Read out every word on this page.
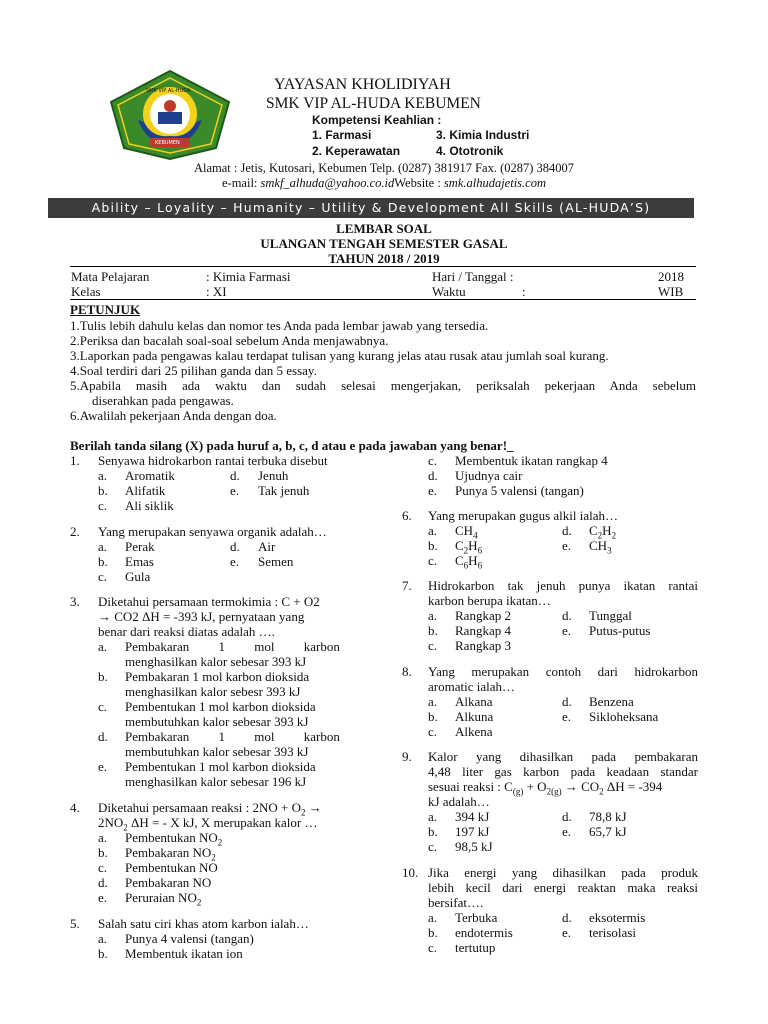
SMK VIP AL-HUDA
KEBUMEN
YAYASAN KHOLIDIYAH
SMK VIP AL-HUDA KEBUMEN
Kompetensi Keahlian :
1. Farmasi	3. Kimia Industri
2. Keperawatan	4. Ototronik
Alamat : Jetis, Kutosari, Kebumen Telp. (0287) 381917 Fax. (0287) 384007
e-mail: smkf_alhuda@yahoo.co.idWebsite : smk.alhudajetis.com
Ability – Loyality – Humanity – Utility & Development All Skills (AL-HUDA’S)
LEMBAR SOAL
ULANGAN TENGAH SEMESTER GASAL
TAHUN 2018 / 2019
Mata Pelajaran	: Kimia Farmasi	Hari / Tanggal :	2018
Kelas	: XI	Waktu	:	WIB
PETUNJUK
1.Tulis lebih dahulu kelas dan nomor tes Anda pada lembar jawab yang tersedia.
2.Periksa dan bacalah soal-soal sebelum Anda menjawabnya.
3.Laporkan pada pengawas kalau terdapat tulisan yang kurang jelas atau rusak atau jumlah soal kurang.
4.Soal terdiri dari 25 pilihan ganda dan 5 essay.
5.Apabila masih ada waktu dan sudah selesai mengerjakan, periksalah pekerjaan Anda sebelum
diserahkan pada pengawas.
6.Awalilah pekerjaan Anda dengan doa.
Berilah tanda silang (X) pada huruf a, b, c, d atau e pada jawaban yang benar!_
1. Senyawa hidrokarbon rantai terbuka disebut
a. Aromatik	d. Jenuh
b. Alifatik	e. Tak jenuh
c. Ali siklik
2. Yang merupakan senyawa organik adalah…
a. Perak	d. Air
b. Emas	e. Semen
c. Gula
3. Diketahui persamaan termokimia : C + O2
→ CO2 ΔH = -393 kJ, pernyataan yang
benar dari reaksi diatas adalah ….
a. Pembakaran         1         mol         karbon
menghasilkan kalor sebesar 393 kJ
b. Pembakaran 1 mol karbon dioksida
menghasilkan kalor sebesr 393 kJ
c. Pembentukan 1 mol karbon dioksida
membutuhkan kalor sebesar 393 kJ
d. Pembakaran         1         mol         karbon
membutuhkan kalor sebesar 393 kJ
e. Pembentukan 1 mol karbon dioksida
menghasilkan kalor sebesar 196 kJ
4. Diketahui persamaan reaksi : $2NO + O_2$ →
$2NO_2$ ΔH = - X kJ, X merupakan kalor …
a. Pembentukan $NO_2$
b. Pembakaran $NO_2$
c. Pembentukan NO
d. Pembakaran NO
e. Peruraian $NO_2$
5. Salah satu ciri khas atom karbon ialah…
a. Punya 4 valensi (tangan)
b. Membentuk ikatan ion
c. Membentuk ikatan rangkap 4
d. Ujudnya cair
e. Punya 5 valensi (tangan)
6. Yang merupakan gugus alkil ialah…
a. $CH_4$	d. $C_2H_2$
b. $C_2H_6$	e. $CH_3$
c. $C_6H_6$
7. Hidrokarbon tak jenuh punya ikatan rantai
karbon berupa ikatan…
a. Rangkap 2	d. Tunggal
b. Rangkap 4	e. Putus-putus
c. Rangkap 3
8. Yang merupakan contoh dari hidrokarbon
aromatic ialah…
a. Alkana	d. Benzena
b. Alkuna	e. Sikloheksana
c. Alkena
9. Kalor yang dihasilkan pada pembakaran
4,48 liter gas karbon pada keadaan standar
sesuai reaksi : $C_{(g)} + O_{2(g)} \to CO_2$ ΔH = -394
kJ adalah…
a. 394 kJ	d. 78,8 kJ
b. 197 kJ	e. 65,7 kJ
c. 98,5 kJ
10. Jika energi yang dihasilkan pada produk
lebih kecil dari energi reaktan maka reaksi
bersifat….
a. Terbuka	d. eksotermis
b. endotermis	e. terisolasi
c. tertutup
